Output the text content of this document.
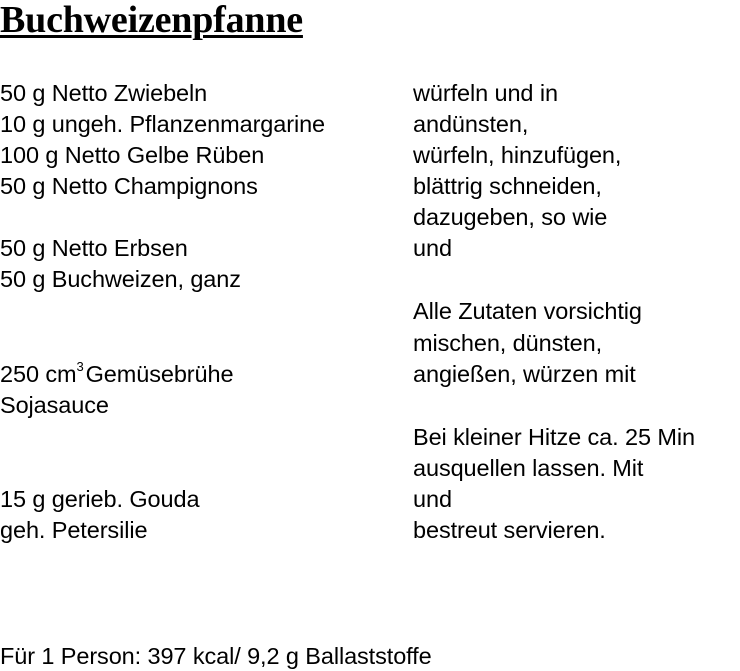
Buchweizenpfanne
50 g Netto Zwiebeln
10 g ungeh. Pflanzenmargarine
100 g Netto Gelbe Rüben
50 g Netto Champignons
50 g Netto Erbsen
50 g Buchweizen, ganz
250 $cm^3Gemüsebrühe$
Sojasauce
15 g gerieb. Gouda
geh. Petersilie
würfeln und in
andünsten,
würfeln, hinzufügen,
blättrig schneiden,
dazugeben, so wie
und
Alle Zutaten vorsichtig
mischen, dünsten,
angießen, würzen mit
Bei kleiner Hitze ca. 25 Min
ausquellen lassen. Mit
und
bestreut servieren.
Für 1 Person: 397 kcal/ 9,2 g Ballaststoffe
